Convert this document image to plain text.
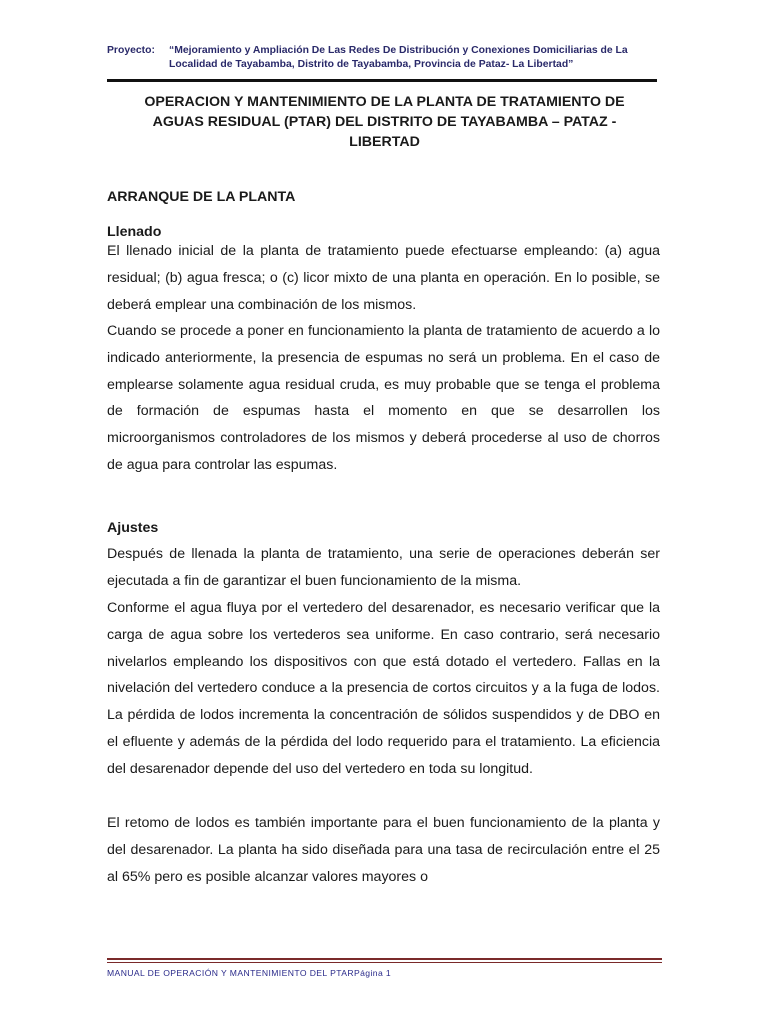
Proyecto: “Mejoramiento y Ampliación De Las Redes De Distribución y Conexiones Domiciliarias de La
Localidad de Tayabamba, Distrito de Tayabamba, Provincia de Pataz- La Libertad”
OPERACION Y MANTENIMIENTO DE LA PLANTA DE TRATAMIENTO DE
AGUAS RESIDUAL (PTAR) DEL DISTRITO DE TAYABAMBA – PATAZ -
LIBERTAD
ARRANQUE DE LA PLANTA
Llenado
El llenado inicial de la planta de tratamiento puede efectuarse empleando: (a) agua residual; (b) agua fresca; o (c) licor mixto de una planta en operación. En lo posible, se deberá emplear una combinación de los mismos.
Cuando se procede a poner en funcionamiento la planta de tratamiento de acuerdo a lo indicado anteriormente, la presencia de espumas no será un problema. En el caso de emplearse solamente agua residual cruda, es muy probable que se tenga el problema de formación de espumas hasta el momento en que se desarrollen los microorganismos controladores de los mismos y deberá procederse al uso de chorros de agua para controlar las espumas.
Ajustes
Después de llenada la planta de tratamiento, una serie de operaciones deberán ser ejecutada a fin de garantizar el buen funcionamiento de la misma.
Conforme el agua fluya por el vertedero del desarenador, es necesario verificar que la carga de agua sobre los vertederos sea uniforme. En caso contrario, será necesario nivelarlos empleando los dispositivos con que está dotado el vertedero. Fallas en la nivelación del vertedero conduce a la presencia de cortos circuitos y a la fuga de lodos. La pérdida de lodos incrementa la concentración de sólidos suspendidos y de DBO en el efluente y además de la pérdida del lodo requerido para el tratamiento. La eficiencia del desarenador depende del uso del vertedero en toda su longitud.
El retomo de lodos es también importante para el buen funcionamiento de la planta y del desarenador. La planta ha sido diseñada para una tasa de recirculación entre el 25 al 65% pero es posible alcanzar valores mayores o
MANUAL DE OPERACIÓN Y MANTENIMIENTO DEL PTARPágina 1
